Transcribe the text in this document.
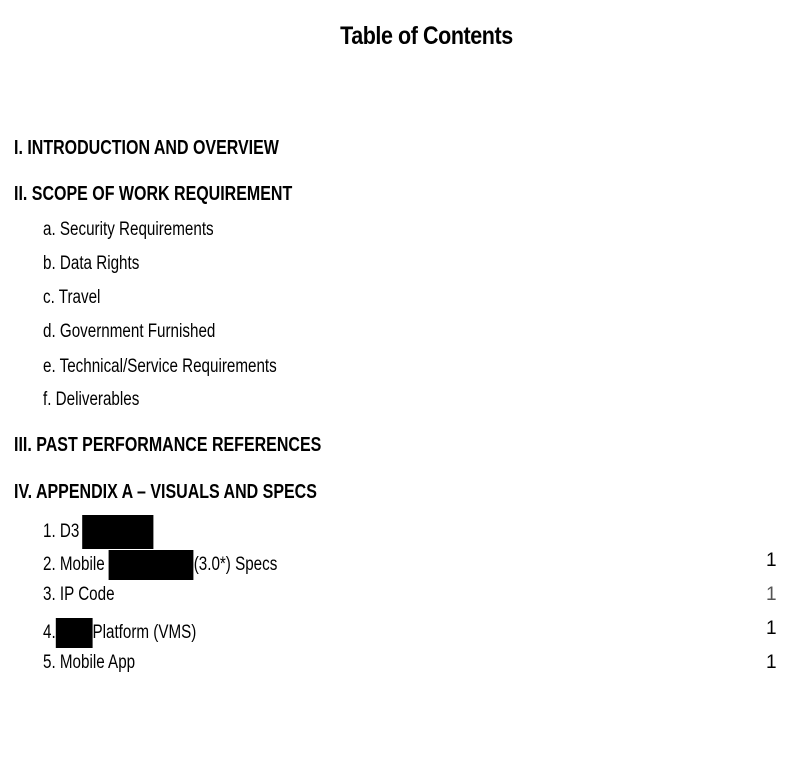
Table of Contents
I. INTRODUCTION AND OVERVIEW
II. SCOPE OF WORK REQUIREMENT
a. Security Requirements
b. Data Rights
c. Travel
d. Government Furnished
e. Technical/Service Requirements
f. Deliverables
III. PAST PERFORMANCE REFERENCES
IV. APPENDIX A – VISUALS AND SPECS
1. D3
2. Mobile	(3.0*) Specs	1
3. IP Code	1
4. Platform (VMS)	1
5. Mobile App	1
